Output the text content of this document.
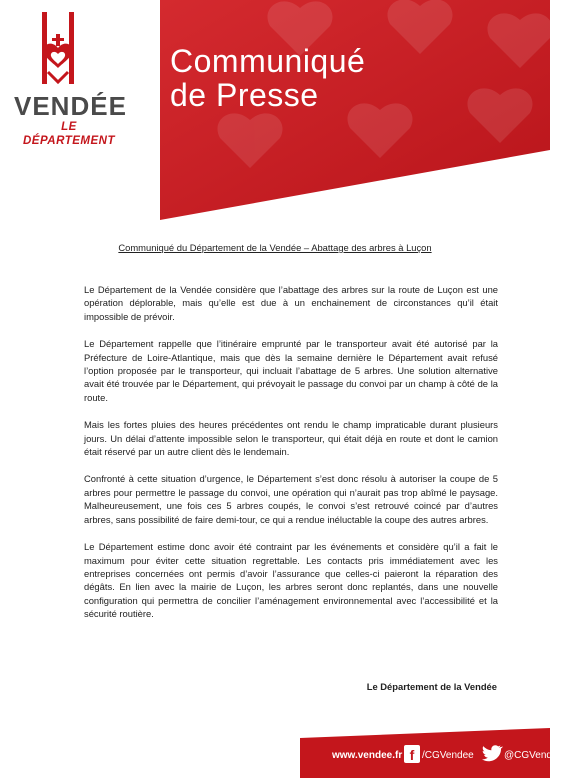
VENDÉE
LE DÉPARTEMENT
Communiqué
de Presse
Communiqué du Département de la Vendée – Abattage des arbres à Luçon

Le Département de la Vendée considère que l’abattage des arbres sur la route de Luçon est une opération déplorable, mais qu’elle est due à un enchainement de circonstances qu’il était impossible de prévoir.

Le Département rappelle que l’itinéraire emprunté par le transporteur avait été autorisé par la Préfecture de Loire-Atlantique, mais que dès la semaine dernière le Département avait refusé l’option proposée par le transporteur, qui incluait l’abattage de 5 arbres. Une solution alternative avait été trouvée par le Département, qui prévoyait le passage du convoi par un champ à côté de la route.

Mais les fortes pluies des heures précédentes ont rendu le champ impraticable durant plusieurs jours. Un délai d’attente impossible selon le transporteur, qui était déjà en route et dont le camion était réservé par un autre client dès le lendemain.

Confronté à cette situation d’urgence, le Département s’est donc résolu à autoriser la coupe de 5 arbres pour permettre le passage du convoi, une opération qui n’aurait pas trop abîmé le paysage. Malheureusement, une fois ces 5 arbres coupés, le convoi s’est retrouvé coincé par d’autres arbres, sans possibilité de faire demi-tour, ce qui a rendue inéluctable la coupe des autres arbres.

Le Département estime donc avoir été contraint par les événements et considère qu’il a fait le maximum pour éviter cette situation regrettable. Les contacts pris immédiatement avec les entreprises concernées ont permis d’avoir l’assurance que celles-ci paieront la réparation des dégâts. En lien avec la mairie de Luçon, les arbres seront donc replantés, dans une nouvelle configuration qui permettra de concilier l’aménagement environnemental avec l’accessibilité et la sécurité routière.

Le Département de la Vendée
www.vendee.fr f /CGVendee	@CGVendee
